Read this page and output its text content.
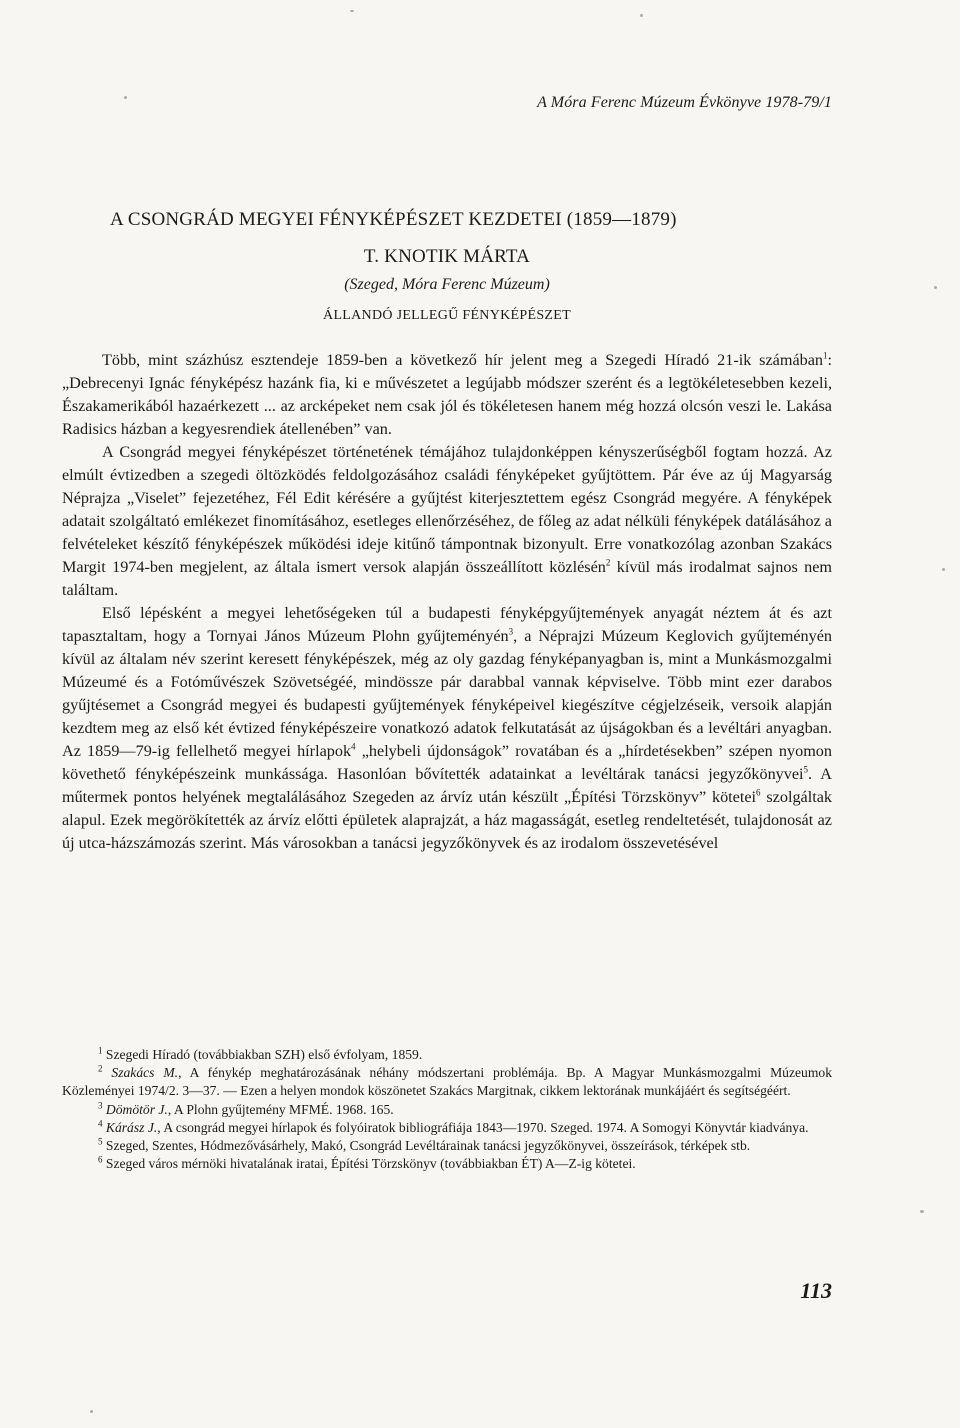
A Móra Ferenc Múzeum Évkönyve 1978-79/1
A CSONGRÁD MEGYEI FÉNYKÉPÉSZET KEZDETEI (1859—1879)
T. KNOTIK MÁRTA
(Szeged, Móra Ferenc Múzeum)
ÁLLANDÓ JELLEGŰ FÉNYKÉPÉSZET

Több, mint százhúsz esztendeje 1859-ben a következő hír jelent meg a Szegedi Híradó 21-ik számában$^1$: „Debrecenyi Ignác fényképész hazánk fia, ki e művészetet a legújabb módszer szerént és a legtökéletesebben kezeli, Északamerikából hazaérkezett ... az arcképeket nem csak jól és tökéletesen hanem még hozzá olcsón veszi le. Lakása Radisics házban a kegyesrendiek átellenében” van.

A Csongrád megyei fényképészet történetének témájához tulajdonképpen kényszerűségből fogtam hozzá. Az elmúlt évtizedben a szegedi öltözködés feldolgozásához családi fényképeket gyűjtöttem. Pár éve az új Magyarság Néprajza „Viselet” fejezetéhez, Fél Edit kérésére a gyűjtést kiterjesztettem egész Csongrád megyére. A fényképek adatait szolgáltató emlékezet finomításához, esetleges ellenőrzéséhez, de főleg az adat nélküli fényképek datálásához a felvételeket készítő fényképészek működési ideje kitűnő támpontnak bizonyult. Erre vonatkozólag azonban Szakács Margit 1974-ben megjelent, az általa ismert versok alapján összeállított közlésén$^2$ kívül más irodalmat sajnos nem találtam.

Első lépésként a megyei lehetőségeken túl a budapesti fényképgyűjtemények anyagát néztem át és azt tapasztaltam, hogy a Tornyai János Múzeum Plohn gyűjteményén$^3$, a Néprajzi Múzeum Keglovich gyűjteményén kívül az általam név szerint keresett fényképészek, még az oly gazdag fényképanyagban is, mint a Munkásmozgalmi Múzeumé és a Fotóművészek Szövetségéé, mindössze pár darabbal vannak képviselve. Több mint ezer darabos gyűjtésemet a Csongrád megyei és budapesti gyűjtemények fényképeivel kiegészítve cégjelzéseik, versoik alapján kezdtem meg az első két évtized fényképészeire vonatkozó adatok felkutatását az újságokban és a levéltári anyagban. Az 1859—79-ig fellelhető megyei hírlapok$^4$ „helybeli újdonságok” rovatában és a „hírdetésekben” szépen nyomon követhető fényképészeink munkássága. Hasonlóan bővítették adatainkat a levéltárak tanácsi jegyzőkönyvei$^5$. A műtermek pontos helyének megtalálásához Szegeden az árvíz után készült „Építési Törzskönyv” kötetei$^6$ szolgáltak alapul. Ezek megörökítették az árvíz előtti épületek alaprajzát, a ház magasságát, esetleg rendeltetését, tulajdonosát az új utca-házszámozás szerint. Más városokban a tanácsi jegyzőkönyvek és az irodalom összevetésével

$^1$ Szegedi Híradó (továbbiakban SZH) első évfolyam, 1859.

$^2$ Szakács M., A fénykép meghatározásának néhány módszertani problémája. Bp. A Magyar Munkásmozgalmi Múzeumok Közleményei 1974/2. 3—37. — Ezen a helyen mondok köszönetet Szakács Margitnak, cikkem lektorának munkájáért és segítségéért.

$^3$ Dömötör J., A Plohn gyűjtemény MFMÉ. 1968. 165.

$^4$ Kárász J., A csongrád megyei hírlapok és folyóiratok bibliográfiája 1843—1970. Szeged. 1974. A Somogyi Könyvtár kiadványa.

$^5$ Szeged, Szentes, Hódmezővásárhely, Makó, Csongrád Levéltárainak tanácsi jegyzőkönyvei, összeírások, térképek stb.

$^6$ Szeged város mérnöki hivatalának iratai, Építési Törzskönyv (továbbiakban ÉT) A—Z-ig kötetei.

113
